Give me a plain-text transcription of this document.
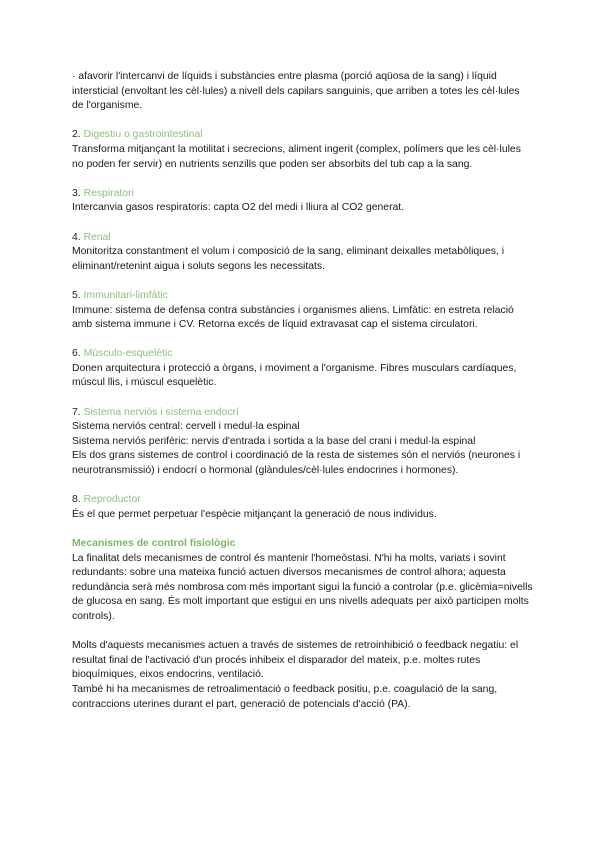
· afavorir l'intercanvi de líquids i substàncies entre plasma (porció aqüosa de la sang) i líquid intersticial (envoltant les cèl·lules) a nivell dels capilars sanguinis, que arriben a totes les cèl·lules de l'organisme.

2. Digestiu o gastrointestinal

Transforma mitjançant la motilitat i secrecions, aliment ingerit (complex, polímers que les cèl·lules no poden fer servir) en nutrients senzills que poden ser absorbits del tub cap a la sang.

3. Respiratori

Intercanvia gasos respiratoris: capta O2 del medi i lliura al CO2 generat.

4. Renal

Monitoritza constantment el volum i composició de la sang, eliminant deixalles metabòliques, i eliminant/retenint aigua i soluts segons les necessitats.

5. Immunitari-limfàtic

Immune: sistema de defensa contra substàncies i organismes aliens. Limfàtic: en estreta relació amb sistema immune i CV. Retorna excés de líquid extravasat cap el sistema circulatori.

6. Músculo-esquelètic

Donen arquitectura i protecció a òrgans, i moviment a l'organisme. Fibres musculars cardíaques, múscul llis, i múscul esquelètic.

7. Sistema nerviós i sistema endocrí

Sistema nerviós central: cervell i medul·la espinal

Sistema nerviós perifèric: nervis d'entrada i sortida a la base del crani i medul·la espinal

Els dos grans sistemes de control i coordinació de la resta de sistemes són el nerviós (neurones i neurotransmissió) i endocrí o hormonal (glàndules/cèl·lules endocrines i hormones).

8. Reproductor

És el que permet perpetuar l'espècie mitjançant la generació de nous individus.

Mecanismes de control fisiològic

La finalitat dels mecanismes de control és mantenir l'homeòstasi. N'hi ha molts, variats i sovint redundants: sobre una mateixa funció actuen diversos mecanismes de control alhora; aquesta redundància serà més nombrosa com més important sigui la funció a controlar (p.e. glicèmia=nivells de glucosa en sang. És molt important que estigui en uns nivells adequats per això participen molts controls).

Molts d'aquests mecanismes actuen a través de sistemes de retroinhibició o feedback negatiu: el resultat final de l'activació d'un procés inhibeix el disparador del mateix, p.e. moltes rutes bioquímiques, eixos endocrins, ventilació.

També hi ha mecanismes de retroalimentació o feedback positiu, p.e. coagulació de la sang, contraccions uterines durant el part, generació de potencials d'acció (PA).
